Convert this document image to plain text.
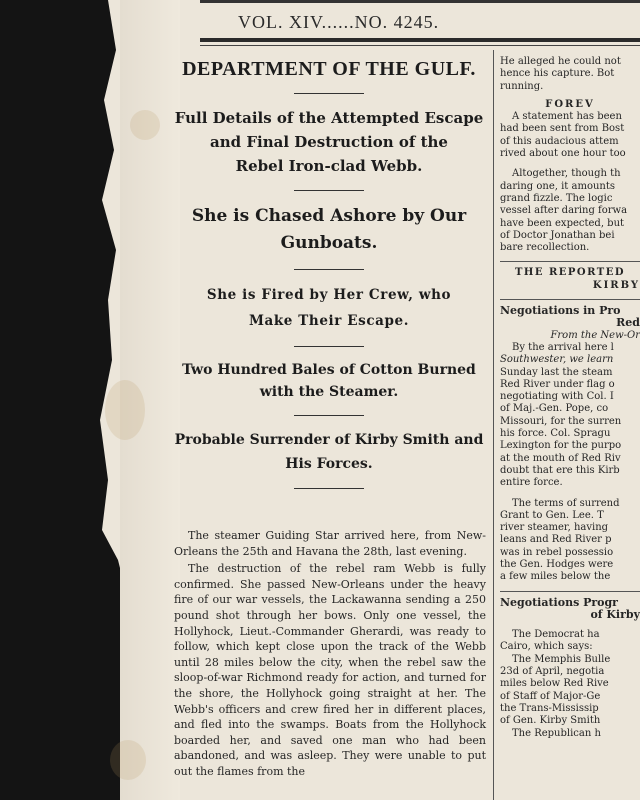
VOL. XIV......NO. 4245.
DEPARTMENT OF THE GULF.
Full Details of the Attempted Escape
and Final Destruction of the
Rebel Iron-clad Webb.
She is Chased Ashore by Our
Gunboats.
She is Fired by Her Crew, who
Make Their Escape.
Two Hundred Bales of Cotton Burned
with the Steamer.
Probable Surrender of Kirby Smith and
His Forces.

The steamer Guiding Star arrived here, from New-Orleans the 25th and Havana the 28th, last evening.

The destruction of the rebel ram Webb is fully confirmed. She passed New-Orleans under the heavy fire of our war vessels, the Lackawanna sending a 250 pound shot through her bows. Only one vessel, the Hollyhock, Lieut.-Commander Gherardi, was ready to follow, which kept close upon the track of the Webb until 28 miles below the city, when the rebel saw the sloop-of-war Richmond ready for action, and turned for the shore, the Hollyhock going straight at her. The Webb's officers and crew fired her in different places, and fled into the swamps. Boats from the Hollyhock boarded her, and saved one man who had been abandoned, and was asleep. They were unable to put out the flames from the

He alleged he could not
hence his capture. Bot
running.
FOREV
A statement has been
had been sent from Bost
of this audacious attem
rived about one hour too
Altogether, though th
daring one, it amounts
grand fizzle. The logic
vessel after daring forwa
have been expected, but
of Doctor Jonathan bei
bare recollection.
THE REPORTED
KIRBY
Negotiations in Pro
Red
From the New-Or
By the arrival here l
Southwester, we learn
Sunday last the steam
Red River under flag o
negotiating with Col. I
of Maj.-Gen. Pope, co
Missouri, for the surren
his force. Col. Spragu
Lexington for the purpo
at the mouth of Red Riv
doubt that ere this Kirb
entire force.
The terms of surrend
Grant to Gen. Lee. T
river steamer, having
leans and Red River p
was in rebel possessio
the Gen. Hodges were
a few miles below the
Negotiations Progr
of Kirby
The Democrat ha
Cairo, which says:
The Memphis Bulle
23d of April, negotia
miles below Red Rive
of Staff of Major-Ge
the Trans-Mississip
of Gen. Kirby Smith
The Republican h
